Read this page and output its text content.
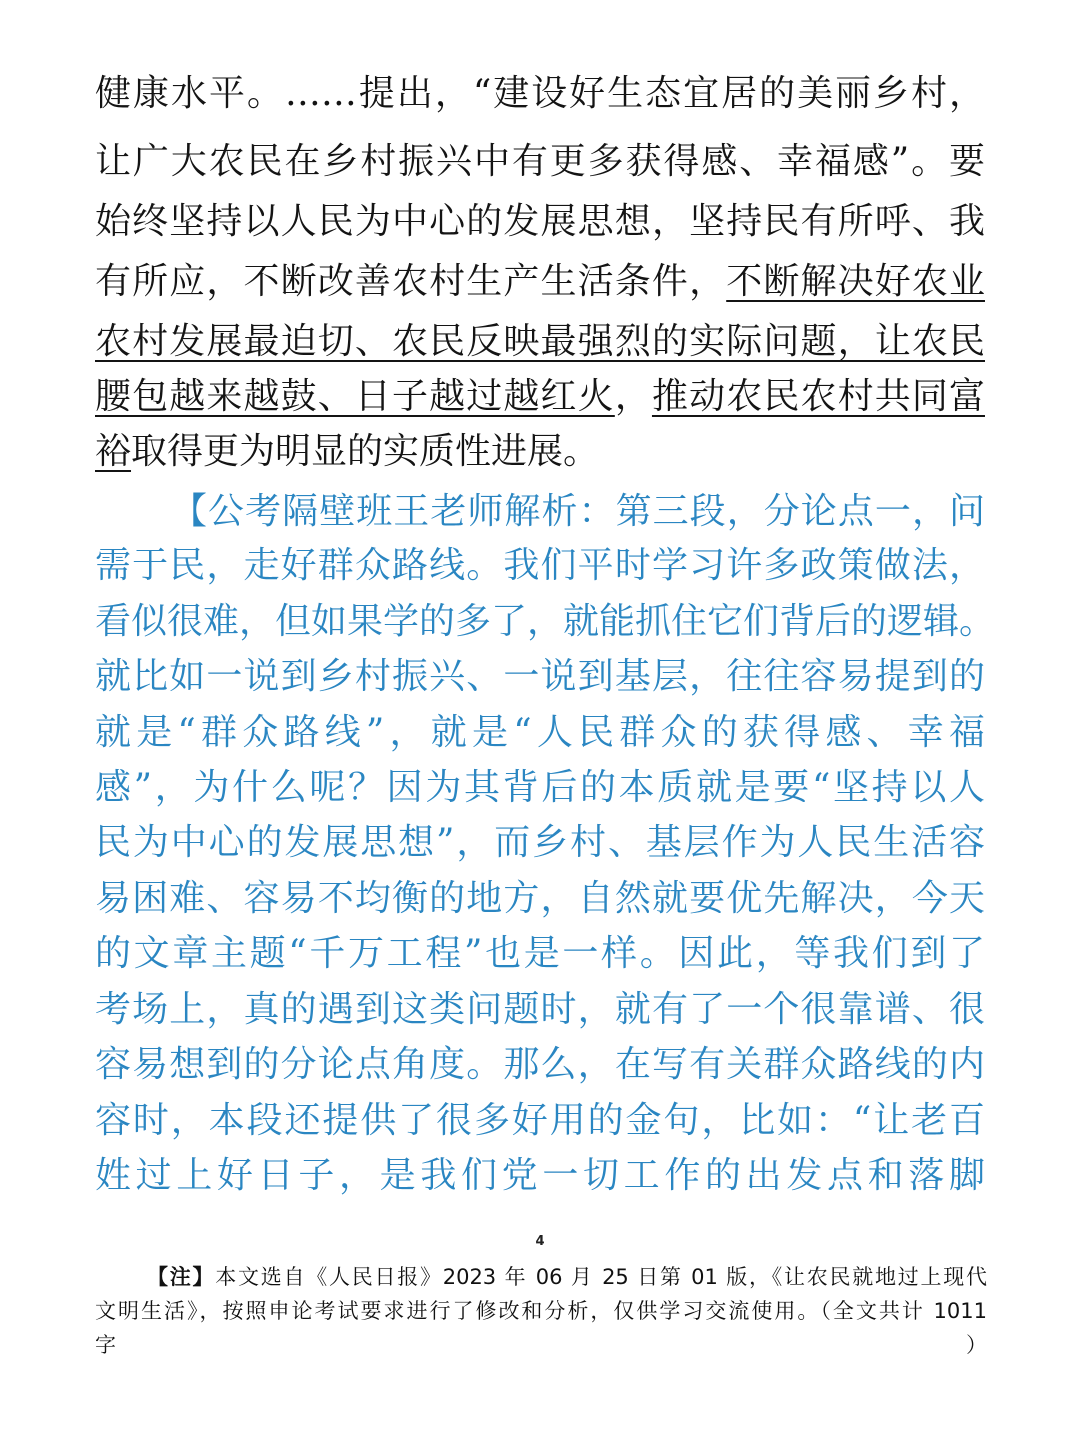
健康水平。……提出，“建设好生态宜居的美丽乡村，
让广大农民在乡村振兴中有更多获得感、幸福感”。要
始终坚持以人民为中心的发展思想，坚持民有所呼、我
有所应，不断改善农村生产生活条件，不断解决好农业
农村发展最迫切、农民反映最强烈的实际问题，让农民
腰包越来越鼓、日子越过越红火，推动农民农村共同富
裕取得更为明显的实质性进展。
【公考隔壁班王老师解析：第三段，分论点一，问
需于民，走好群众路线。我们平时学习许多政策做法，
看似很难，但如果学的多了，就能抓住它们背后的逻辑。
就比如一说到乡村振兴、一说到基层，往往容易提到的
就是“群众路线”，就是“人民群众的获得感、幸福
感”，为什么呢？因为其背后的本质就是要“坚持以人
民为中心的发展思想”，而乡村、基层作为人民生活容
易困难、容易不均衡的地方，自然就要优先解决，今天
的文章主题“千万工程”也是一样。因此，等我们到了
考场上，真的遇到这类问题时，就有了一个很靠谱、很
容易想到的分论点角度。那么，在写有关群众路线的内
容时，本段还提供了很多好用的金句，比如：“让老百
姓过上好日子，是我们党一切工作的出发点和落脚
4
【注】本文选自《人民日报》2023 年 06 月 25 日第 01 版，《让农民就地过上现代
文明生活》，按照申论考试要求进行了修改和分析，仅供学习交流使用。（全文共计 1011
字）
